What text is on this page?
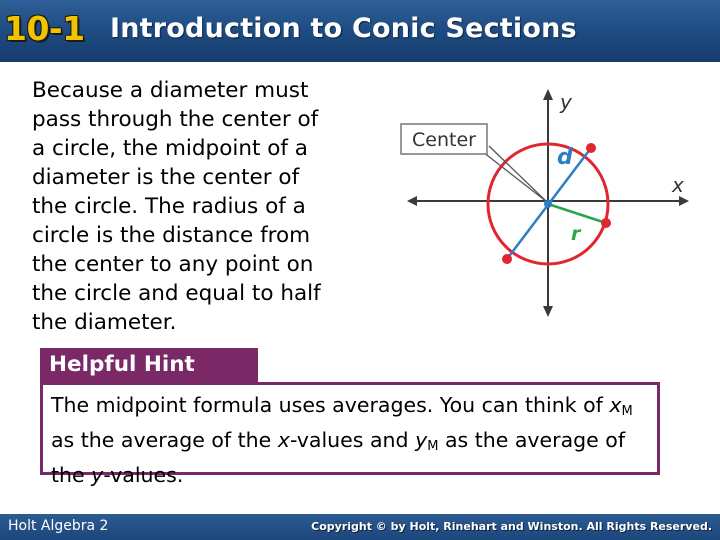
10-1 Introduction to Conic Sections
Because a diameter must
pass through the center of
a circle, the midpoint of a
diameter is the center of
the circle. The radius of a
circle is the distance from
the center to any point on
the circle and equal to half
the diameter.
Center
y
x
d
r
Helpful Hint
The midpoint formula uses averages. You can think of $x_M$ as the average of the x-values and $y_M$ as the average of the y-values.
Holt Algebra 2	Copyright © by Holt, Rinehart and Winston. All Rights Reserved.
